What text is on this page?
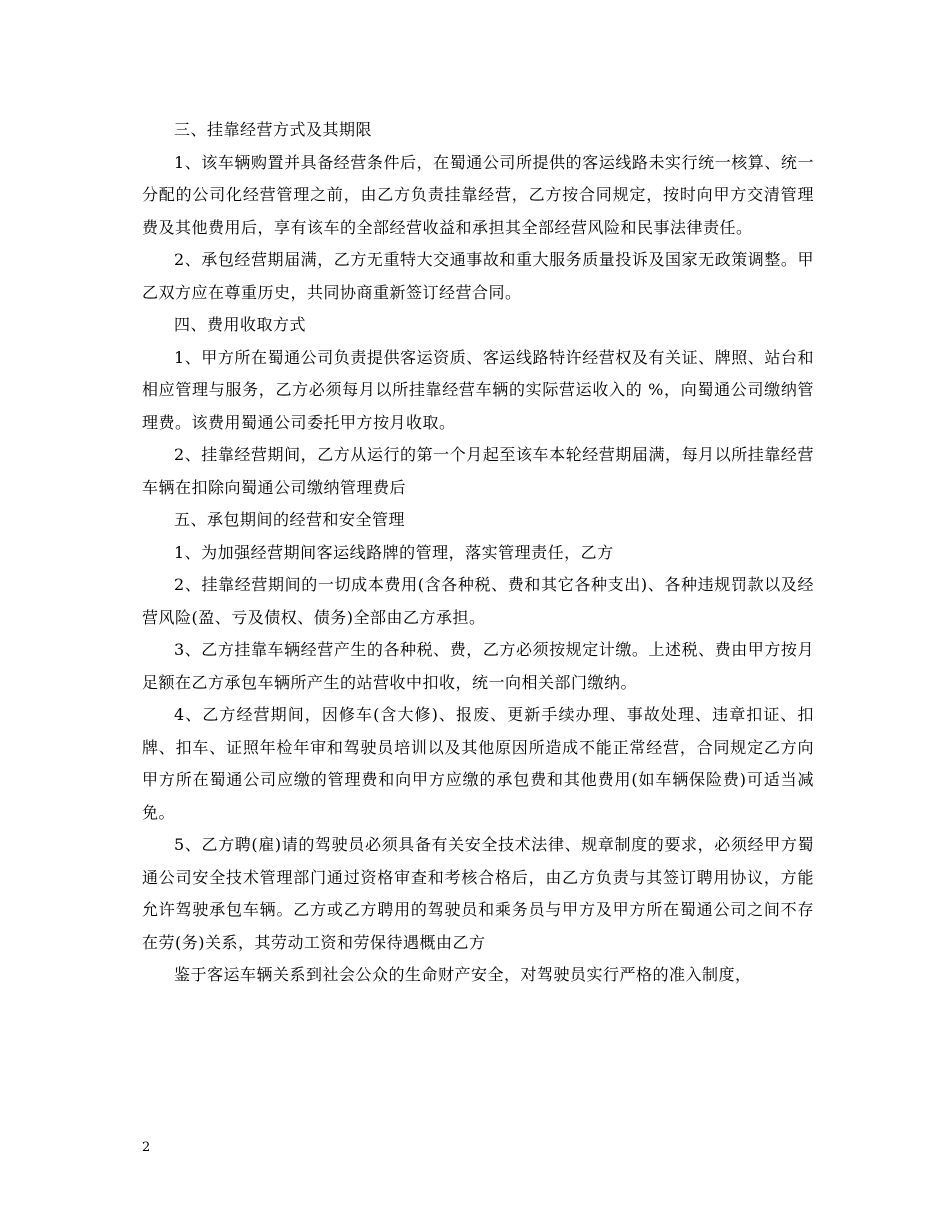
三、挂靠经营方式及其期限

1、该车辆购置并具备经营条件后，在蜀通公司所提供的客运线路未实行统一核算、统一分配的公司化经营管理之前，由乙方负责挂靠经营，乙方按合同规定，按时向甲方交清管理费及其他费用后，享有该车的全部经营收益和承担其全部经营风险和民事法律责任。

2、承包经营期届满，乙方无重特大交通事故和重大服务质量投诉及国家无政策调整。甲乙双方应在尊重历史，共同协商重新签订经营合同。

四、费用收取方式

1、甲方所在蜀通公司负责提供客运资质、客运线路特许经营权及有关证、牌照、站台和相应管理与服务，乙方必须每月以所挂靠经营车辆的实际营运收入的 %，向蜀通公司缴纳管理费。该费用蜀通公司委托甲方按月收取。

2、挂靠经营期间，乙方从运行的第一个月起至该车本轮经营期届满，每月以所挂靠经营车辆在扣除向蜀通公司缴纳管理费后

五、承包期间的经营和安全管理

1、为加强经营期间客运线路牌的管理，落实管理责任，乙方

2、挂靠经营期间的一切成本费用(含各种税、费和其它各种支出)、各种违规罚款以及经营风险(盈、亏及债权、债务)全部由乙方承担。

3、乙方挂靠车辆经营产生的各种税、费，乙方必须按规定计缴。上述税、费由甲方按月足额在乙方承包车辆所产生的站营收中扣收，统一向相关部门缴纳。

4、乙方经营期间，因修车(含大修)、报废、更新手续办理、事故处理、违章扣证、扣牌、扣车、证照年检年审和驾驶员培训以及其他原因所造成不能正常经营，合同规定乙方向甲方所在蜀通公司应缴的管理费和向甲方应缴的承包费和其他费用(如车辆保险费)可适当减免。

5、乙方聘(雇)请的驾驶员必须具备有关安全技术法律、规章制度的要求，必须经甲方蜀通公司安全技术管理部门通过资格审查和考核合格后，由乙方负责与其签订聘用协议，方能允许驾驶承包车辆。乙方或乙方聘用的驾驶员和乘务员与甲方及甲方所在蜀通公司之间不存在劳(务)关系，其劳动工资和劳保待遇概由乙方

鉴于客运车辆关系到社会公众的生命财产安全，对驾驶员实行严格的准入制度，

2
